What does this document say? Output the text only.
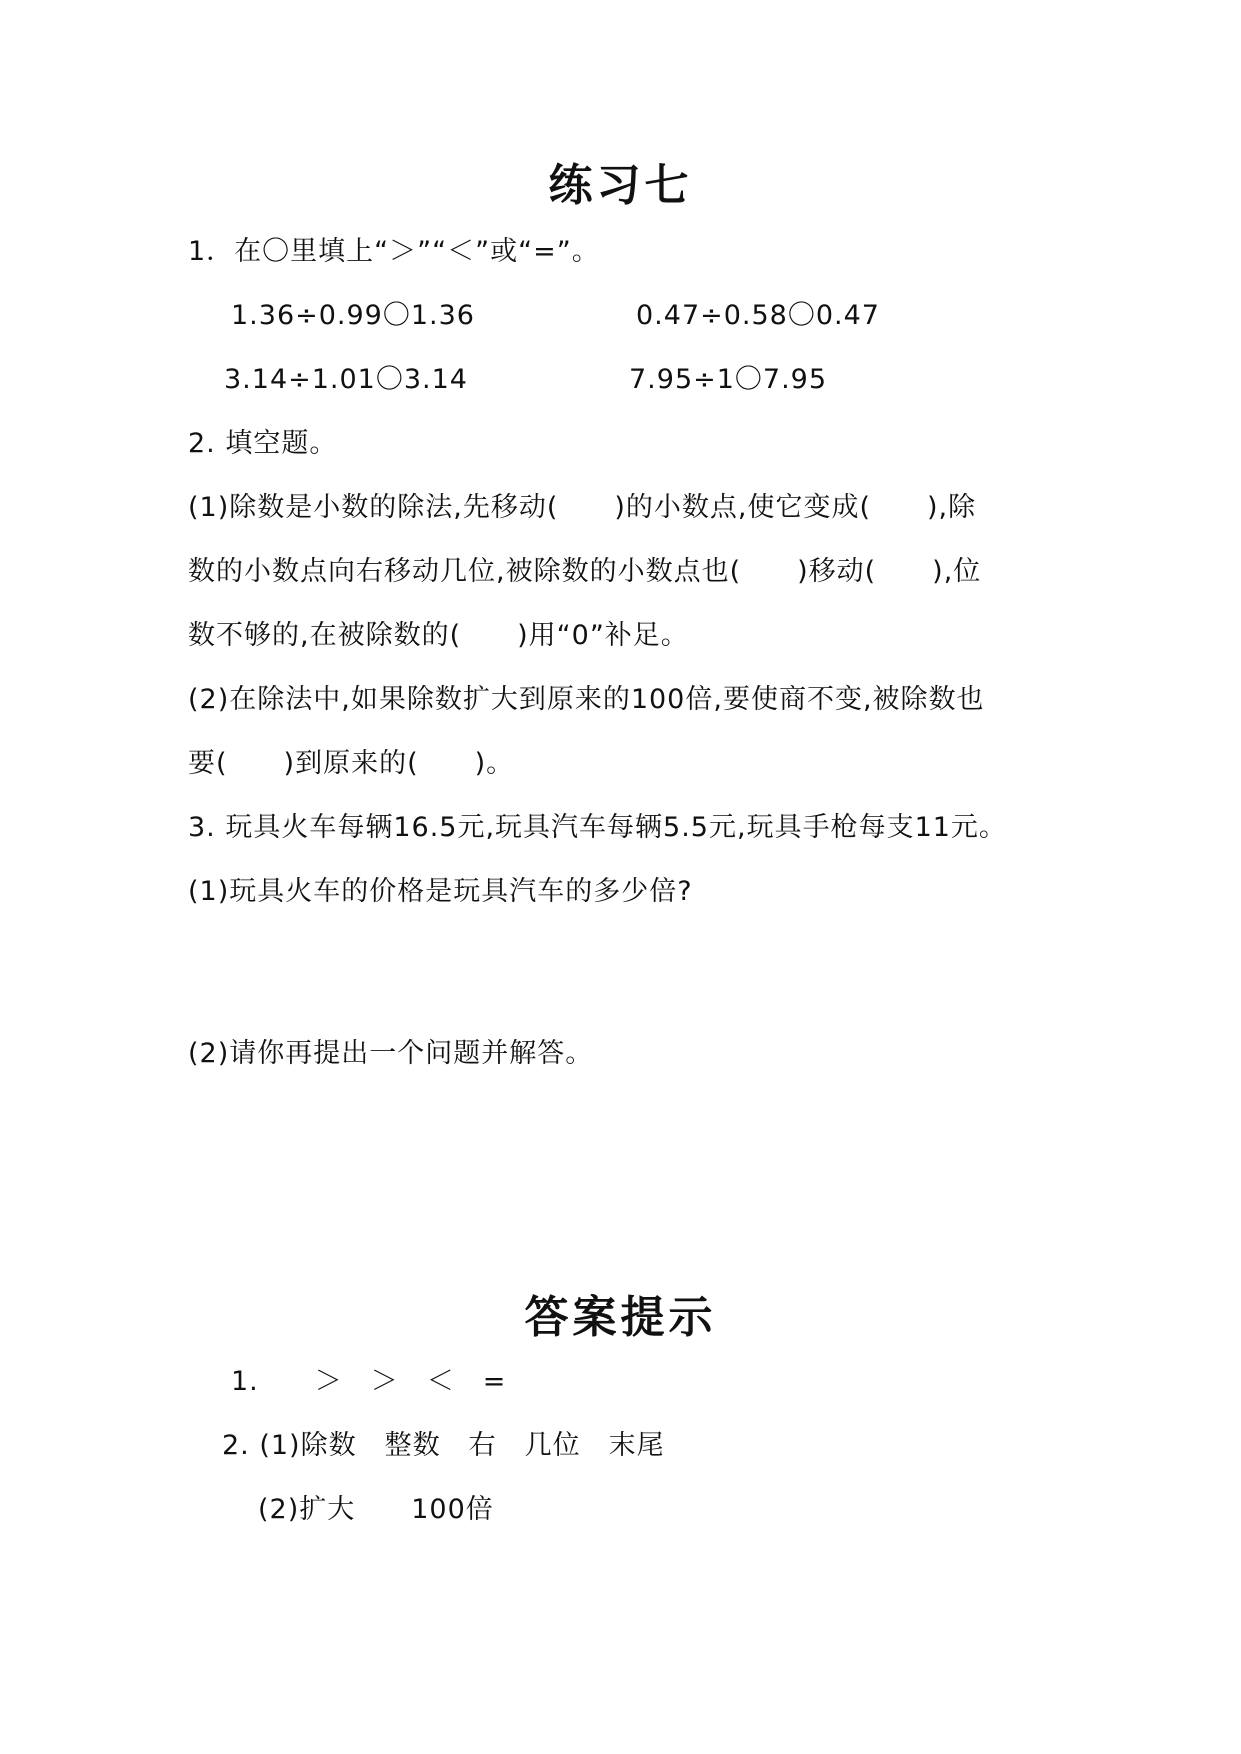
练习七
1．在〇里填上“＞”“＜”或“=”。
1.36÷0.99〇1.36	0.47÷0.58〇0.47
3.14÷1.01〇3.14	7.95÷1〇7.95
2. 填空题。
(1)除数是小数的除法,先移动(　　)的小数点,使它变成(　　),除
数的小数点向右移动几位,被除数的小数点也(　　)移动(　　),位
数不够的,在被除数的(　　)用“0”补足。
(2)在除法中,如果除数扩大到原来的100倍,要使商不变,被除数也
要(　　)到原来的(　　)。
3. 玩具火车每辆16.5元,玩具汽车每辆5.5元,玩具手枪每支11元。
(1)玩具火车的价格是玩具汽车的多少倍?
(2)请你再提出一个问题并解答。
答案提示
1.　　＞　＞　＜　=
2. (1)除数　整数　右　几位　末尾
(2)扩大　　100倍
